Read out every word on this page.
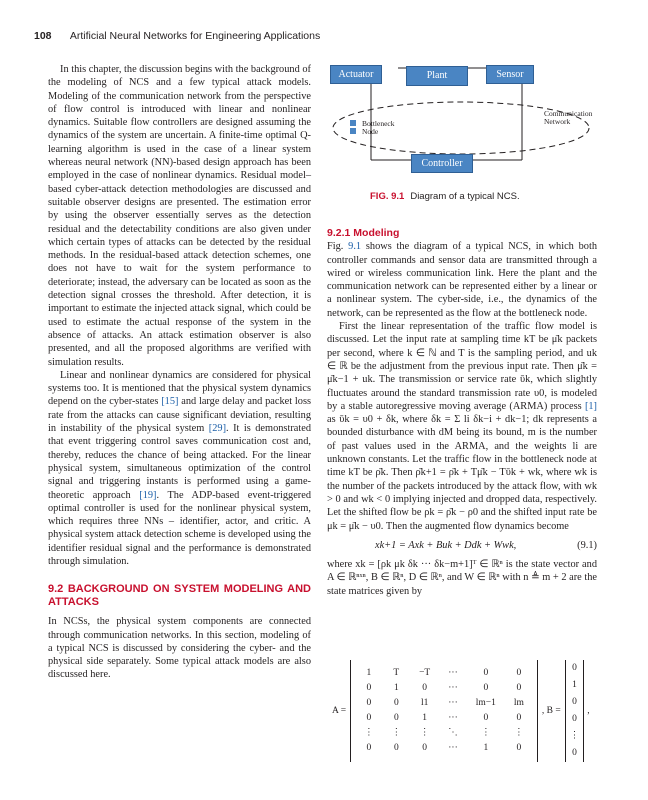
108 Artificial Neural Networks for Engineering Applications
Actuator	Plant	Sensor
Controller
Bottleneck Node
Communication Network
FIG. 9.1 Diagram of a typical NCS.

In this chapter, the discussion begins with the background of the modeling of NCS and a few typical attack models. Modeling of the communication network from the perspective of flow control is introduced with linear and nonlinear dynamics. Suitable flow controllers are designed assuming the dynamics of the system are uncertain. A finite-time optimal Q-learning algorithm is used in the case of a linear system whereas neural network (NN)-based design approach has been employed in the case of nonlinear dynamics. Residual model–based cyber-attack detection methodologies are discussed and suitable observer designs are presented. The estimation error by using the observer essentially serves as the detection residual and the detectability conditions are also given under which certain types of attacks can be detected by the residual methods. In the residual-based attack detection schemes, one does not have to wait for the system performance to deteriorate; instead, the adversary can be located as soon as the detection signal crosses the threshold. After detection, it is important to estimate the injected attack signal, which could be used to estimate the actual response of the system in the absence of attacks. An attack estimation observer is also presented, and all the proposed algorithms are verified with simulation results.

Linear and nonlinear dynamics are considered for physical systems too. It is mentioned that the physical system dynamics depend on the cyber-states [15] and large delay and packet loss rate from the attacks can cause significant deviation, resulting in instability of the physical system [29]. It is demonstrated that event triggering control saves communication cost and, thereby, reduces the chance of being attacked. For the linear physical system, simultaneous optimization of the control signal and triggering instants is performed using a game-theoretic approach [19]. The ADP-based event-triggered optimal controller is used for the nonlinear physical system, which requires three NNs – identifier, actor, and critic. A physical system attack detection scheme is developed using the identifier residual signal and the performance is demonstrated through simulation.

9.2 BACKGROUND ON SYSTEM MODELING AND ATTACKS

In NCSs, the physical system components are connected through communication networks. In this section, modeling of a typical NCS is discussed by considering the cyber- and the physical side separately. Some typical attack models are also discussed here.

9.2.1 Modeling

Fig. 9.1 shows the diagram of a typical NCS, in which both controller commands and sensor data are transmitted through a wired or wireless communication link. Here the plant and the communication network can be represented either by a linear or a nonlinear system. The cyber-side, i.e., the dynamics of the network, can be represented as the flow at the bottleneck node.

First the linear representation of the traffic flow model is discussed. Let the input rate at sampling time kT be μ̄k packets per second, where k ∈ ℕ and T is the sampling period, and uk ∈ ℝ be the adjustment from the previous input rate. Then μ̄k = μ̄k−1 + uk. The transmission or service rate ῡk, which slightly fluctuates around the standard transmission rate υ0, is modeled by a stable autoregressive moving average (ARMA) process [1] as ῡk = υ0 + δk, where δk = Σ li δk−i + dk−1; dk represents a bounded disturbance with dM being its bound, m is the number of past values used in the ARMA, and the weights li are unknown constants. Let the traffic flow in the bottleneck node at time kT be ρ̄k. Then ρ̄k+1 = ρ̄k + Tμ̄k − Tῡk + wk, where wk is the number of the packets introduced by the attack flow, with wk > 0 and wk < 0 implying injected and dropped data, respectively. Let the shifted flow be ρk = ρ̄k − ρ0 and the shifted input rate be μk = μ̄k − υ0. Then the augmented flow dynamics become

xk+1 = Axk + Buk + Ddk + Wwk,	(9.1)

where xk = [ρk μk δk ··· δk−m+1]ᵀ ∈ ℝⁿ is the state vector and A ∈ ℝⁿˣⁿ, B ∈ ℝⁿ, D ∈ ℝⁿ, and W ∈ ℝⁿ with n ≜ m + 2 are the state matrices given by

A =	
1	T	−T	···	0	0
0	1	0	···	0	0
0	0	l1	···	lm−1	lm
0	0	1	···	0	0
⋮	⋮	⋮	⋱	⋮	⋮
0	0	0	···	1	0
	, B =	
0
1
0
0
⋮
0
	,
